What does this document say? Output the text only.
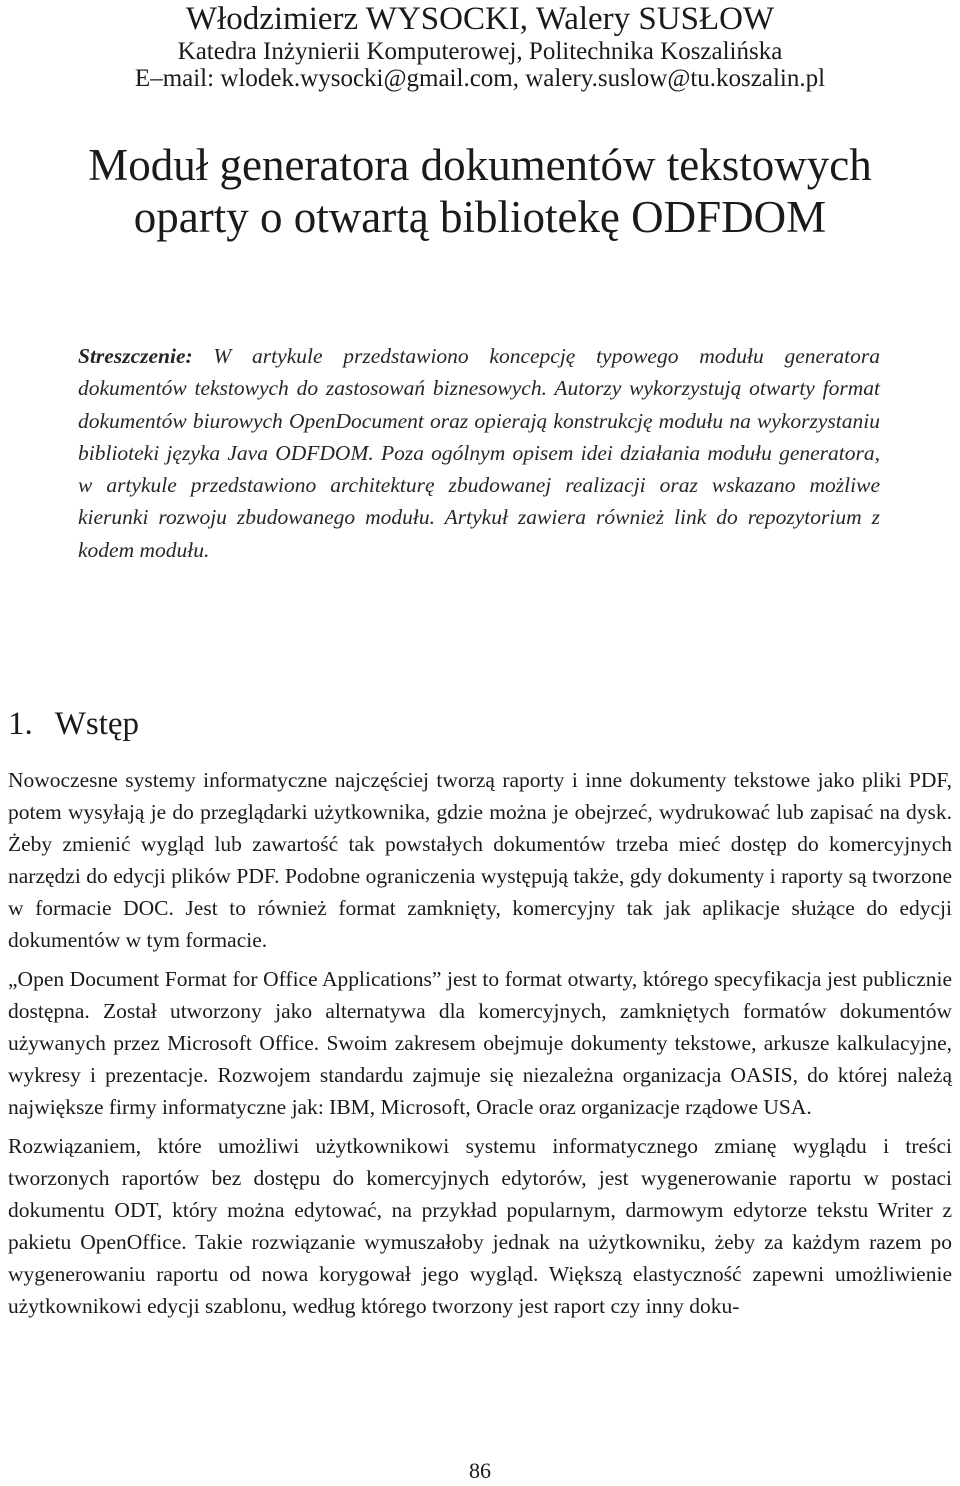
Włodzimierz WYSOCKI, Walery SUSŁOW
Katedra Inżynierii Komputerowej, Politechnika Koszalińska
E–mail: wlodek.wysocki@gmail.com, walery.suslow@tu.koszalin.pl
Moduł generatora dokumentów tekstowych
oparty o otwartą bibliotekę ODFDOM
Streszczenie: W artykule przedstawiono koncepcję typowego modułu generatora dokumentów tekstowych do zastosowań biznesowych. Autorzy wykorzystują otwarty format dokumentów biurowych OpenDocument oraz opierają konstrukcję modułu na wykorzystaniu biblioteki języka Java ODFDOM. Poza ogólnym opisem idei działania modułu generatora, w artykule przedstawiono architekturę zbudowanej realizacji oraz wskazano możliwe kierunki rozwoju zbudowanego modułu. Artykuł zawiera również link do repozytorium z kodem modułu.
1. Wstęp

Nowoczesne systemy informatyczne najczęściej tworzą raporty i inne dokumenty tekstowe jako pliki PDF, potem wysyłają je do przeglądarki użytkownika, gdzie można je obejrzeć, wydrukować lub zapisać na dysk. Żeby zmienić wygląd lub zawartość tak powstałych dokumentów trzeba mieć dostęp do komercyjnych narzędzi do edycji plików PDF. Podobne ograniczenia występują także, gdy dokumenty i raporty są tworzone w formacie DOC. Jest to również format zamknięty, komercyjny tak jak aplikacje służące do edycji dokumentów w tym formacie.

„Open Document Format for Office Applications” jest to format otwarty, którego specyfikacja jest publicznie dostępna. Został utworzony jako alternatywa dla komercyjnych, zamkniętych formatów dokumentów używanych przez Microsoft Office. Swoim zakresem obejmuje dokumenty tekstowe, arkusze kalkulacyjne, wykresy i prezentacje. Rozwojem standardu zajmuje się niezależna organizacja OASIS, do której należą największe firmy informatyczne jak: IBM, Microsoft, Oracle oraz organizacje rządowe USA.

Rozwiązaniem, które umożliwi użytkownikowi systemu informatycznego zmianę wyglądu i treści tworzonych raportów bez dostępu do komercyjnych edytorów, jest wygenerowanie raportu w postaci dokumentu ODT, który można edytować, na przykład popularnym, darmowym edytorze tekstu Writer z pakietu OpenOffice. Takie rozwiązanie wymuszałoby jednak na użytkowniku, żeby za każdym razem po wygenerowaniu raportu od nowa korygował jego wygląd. Większą elastyczność zapewni umożliwienie użytkownikowi edycji szablonu, według którego tworzony jest raport czy inny doku-

86
